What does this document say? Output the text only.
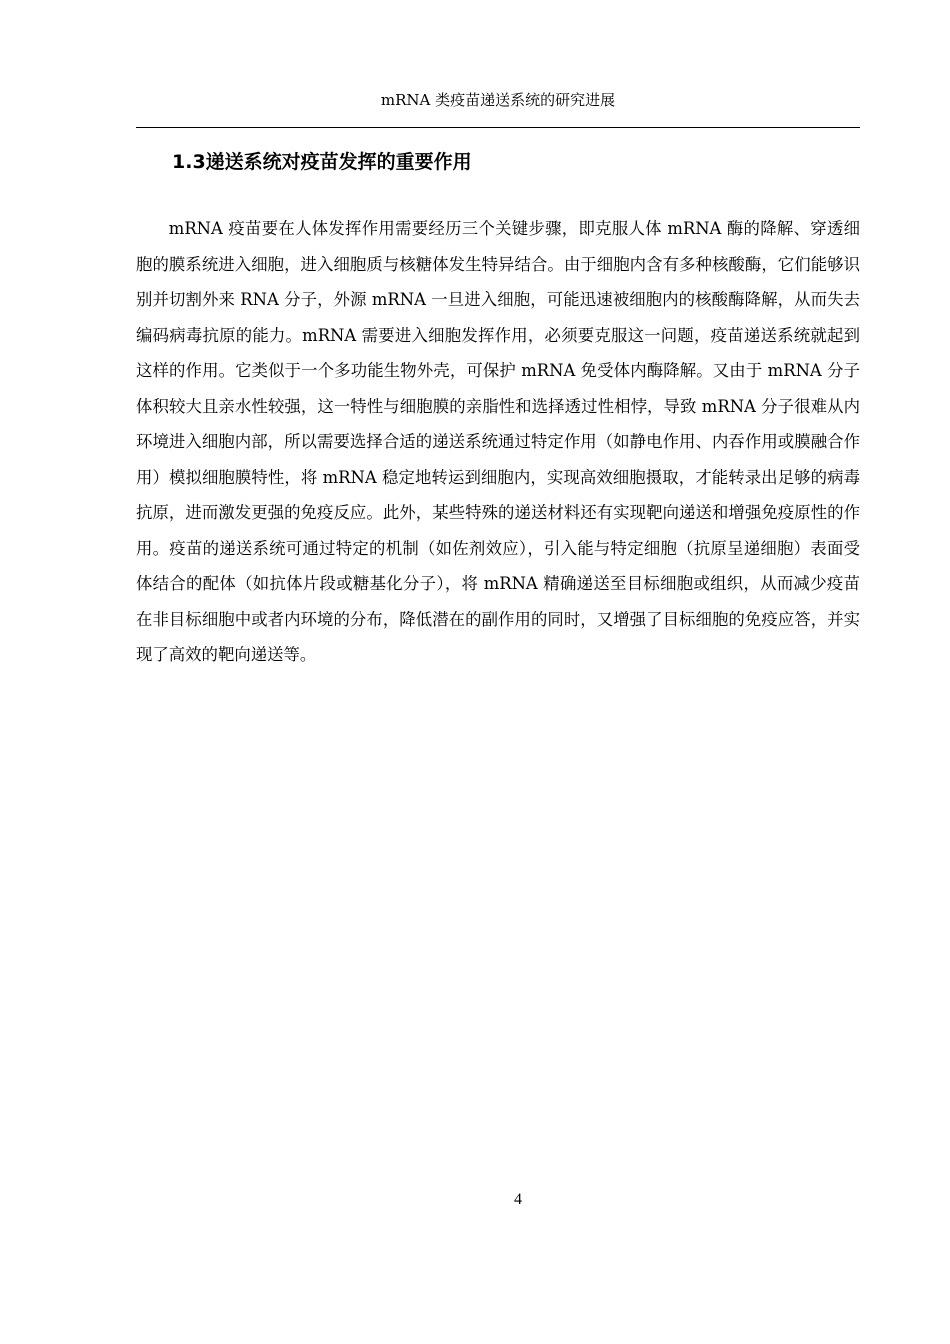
mRNA 类疫苗递送系统的研究进展
1.3递送系统对疫苗发挥的重要作用

mRNA 疫苗要在人体发挥作用需要经历三个关键步骤，即克服人体 mRNA 酶的降解、穿透细胞的膜系统进入细胞，进入细胞质与核糖体发生特异结合。由于细胞内含有多种核酸酶，它们能够识别并切割外来 RNA 分子，外源 mRNA 一旦进入细胞，可能迅速被细胞内的核酸酶降解，从而失去编码病毒抗原的能力。mRNA 需要进入细胞发挥作用，必须要克服这一问题，疫苗递送系统就起到这样的作用。它类似于一个多功能生物外壳，可保护 mRNA 免受体内酶降解。又由于 mRNA 分子体积较大且亲水性较强，这一特性与细胞膜的亲脂性和选择透过性相悖，导致 mRNA 分子很难从内环境进入细胞内部，所以需要选择合适的递送系统通过特定作用（如静电作用、内吞作用或膜融合作用）模拟细胞膜特性，将 mRNA 稳定地转运到细胞内，实现高效细胞摄取，才能转录出足够的病毒抗原，进而激发更强的免疫反应。此外，某些特殊的递送材料还有实现靶向递送和增强免疫原性的作用。疫苗的递送系统可通过特定的机制（如佐剂效应），引入能与特定细胞（抗原呈递细胞）表面受体结合的配体（如抗体片段或糖基化分子），将 mRNA 精确递送至目标细胞或组织，从而减少疫苗在非目标细胞中或者内环境的分布，降低潜在的副作用的同时，又增强了目标细胞的免疫应答，并实现了高效的靶向递送等。

4
